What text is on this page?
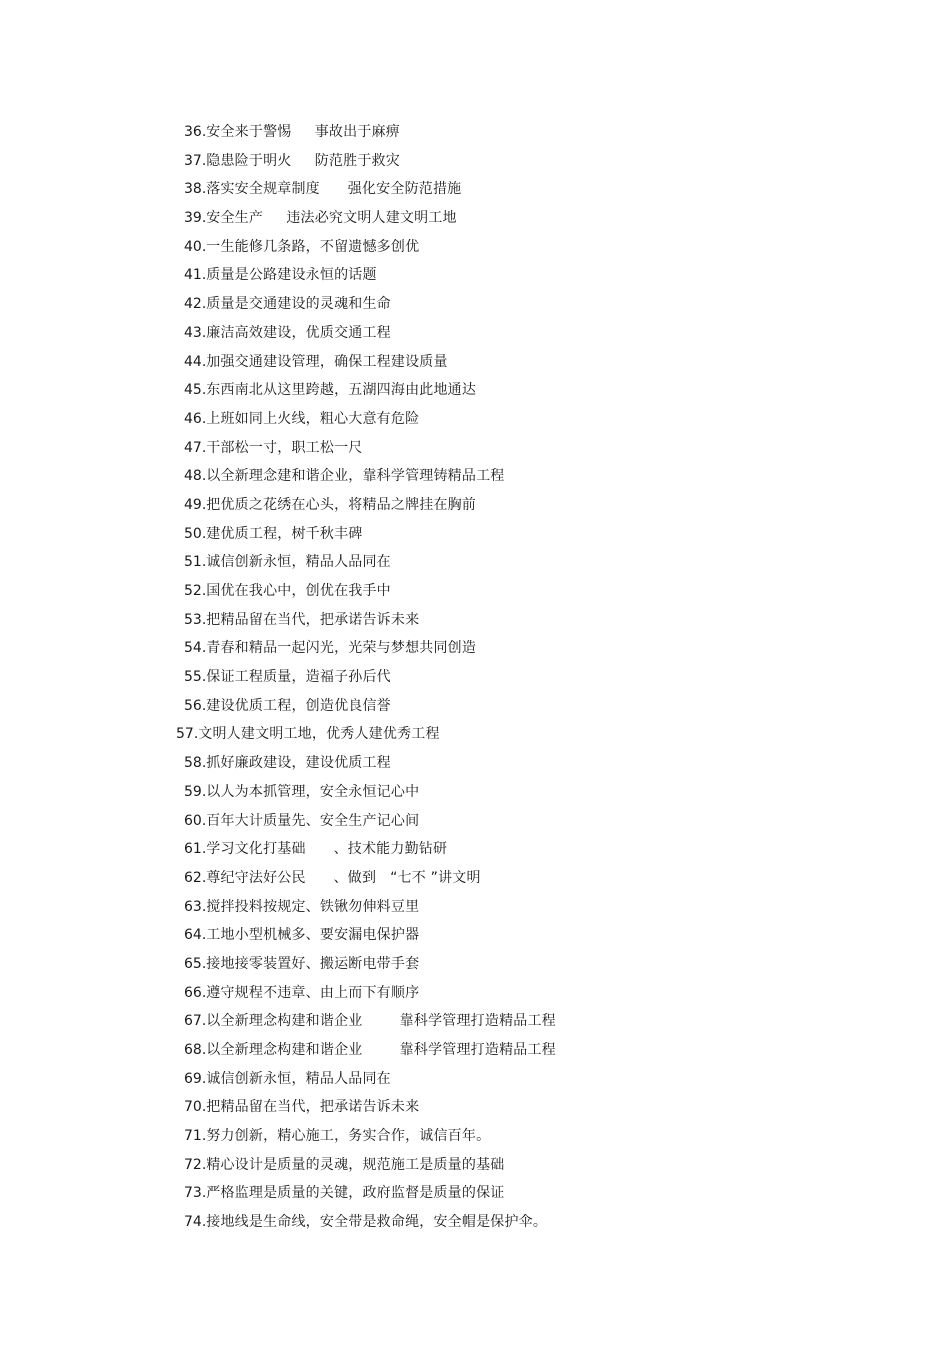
36.安全来于警惕     事故出于麻痹
37.隐患险于明火     防范胜于救灾
38.落实安全规章制度      强化安全防范措施
39.安全生产     违法必究文明人建文明工地
40.一生能修几条路，不留遗憾多创优
41.质量是公路建设永恒的话题
42.质量是交通建设的灵魂和生命
43.廉洁高效建设，优质交通工程
44.加强交通建设管理，确保工程建设质量
45.东西南北从这里跨越，五湖四海由此地通达
46.上班如同上火线，粗心大意有危险
47.干部松一寸，职工松一尺
48.以全新理念建和谐企业，靠科学管理铸精品工程
49.把优质之花绣在心头，将精品之牌挂在胸前
50.建优质工程，树千秋丰碑
51.诚信创新永恒，精品人品同在
52.国优在我心中，创优在我手中
53.把精品留在当代，把承诺告诉未来
54.青春和精品一起闪光，光荣与梦想共同创造
55.保证工程质量，造福子孙后代
56.建设优质工程，创造优良信誉
57.文明人建文明工地，优秀人建优秀工程
58.抓好廉政建设，建设优质工程
59.以人为本抓管理，安全永恒记心中
60.百年大计质量先、安全生产记心间
61.学习文化打基础      、技术能力勤钻研
62.尊纪守法好公民      、做到   “七不 ”讲文明
63.搅拌投料按规定、铁锹勿伸料豆里
64.工地小型机械多、要安漏电保护器
65.接地接零装置好、搬运断电带手套
66.遵守规程不违章、由上而下有顺序
67.以全新理念构建和谐企业        靠科学管理打造精品工程
68.以全新理念构建和谐企业        靠科学管理打造精品工程
69.诚信创新永恒，精品人品同在
70.把精品留在当代，把承诺告诉未来
71.努力创新，精心施工，务实合作，诚信百年。
72.精心设计是质量的灵魂，规范施工是质量的基础
73.严格监理是质量的关键，政府监督是质量的保证
74.接地线是生命线，安全带是救命绳，安全帽是保护伞。
